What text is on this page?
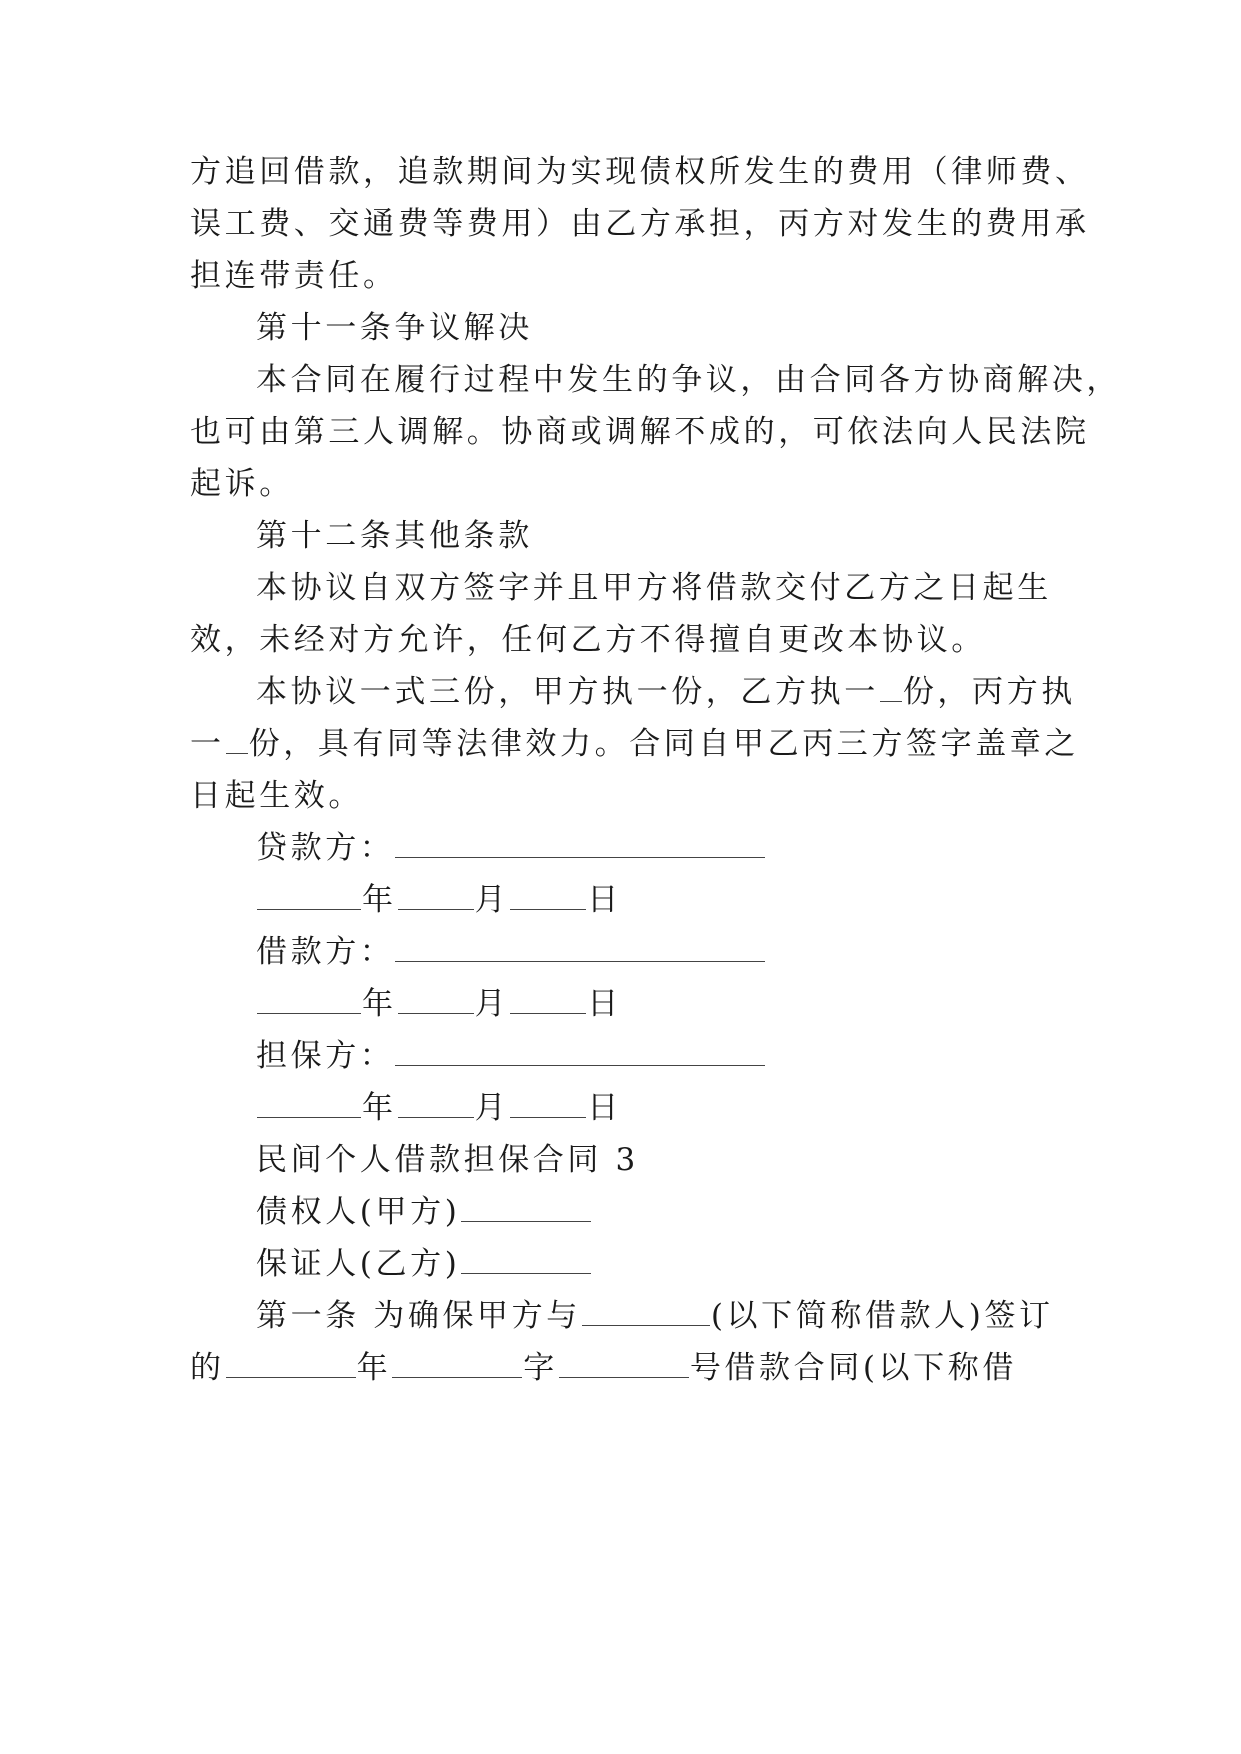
方追回借款，追款期间为实现债权所发生的费用（律师费、
误工费、交通费等费用）由乙方承担，丙方对发生的费用承
担连带责任。
第十一条争议解决
本合同在履行过程中发生的争议，由合同各方协商解决，
也可由第三人调解。协商或调解不成的，可依法向人民法院
起诉。
第十二条其他条款
本协议自双方签字并且甲方将借款交付乙方之日起生
效，未经对方允许，任何乙方不得擅自更改本协议。
本协议一式三份，甲方执一份，乙方执一 份，丙方执
一 份，具有同等法律效力。合同自甲乙丙三方签字盖章之
日起生效。
贷款方：
年	月	日
借款方：
年	月	日
担保方：
年	月	日
民间个人借款担保合同 3
债权人(甲方)
保证人(乙方)
第一条 为确保甲方与	(以下简称借款人)签订
的	年	字	号借款合同(以下称借
